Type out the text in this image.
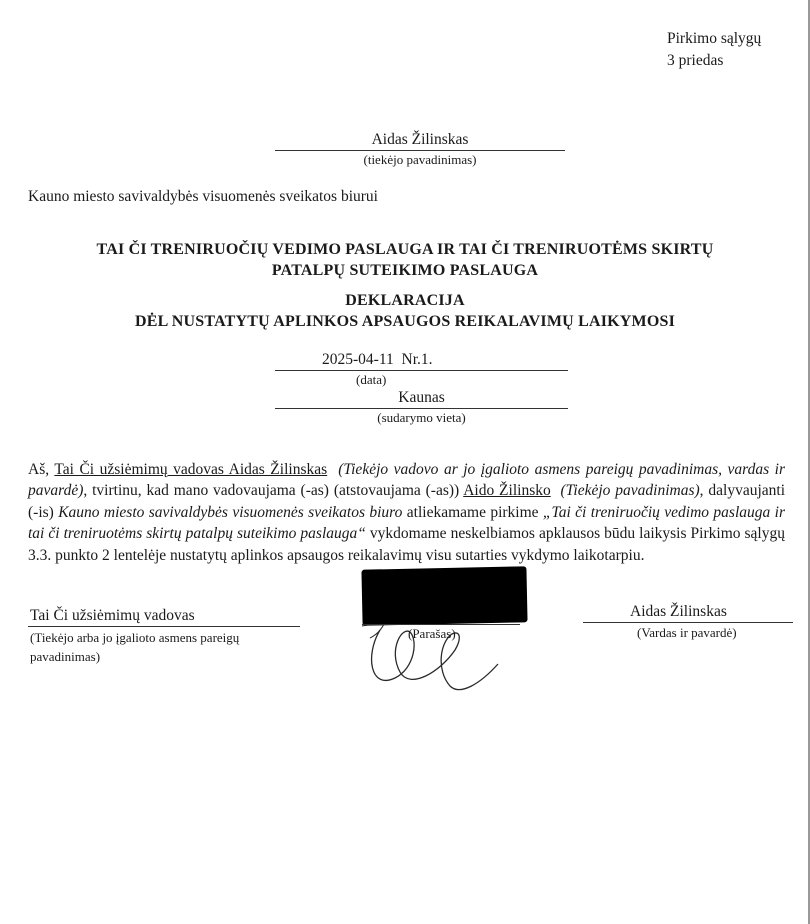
Pirkimo sąlygų
3 priedas
Aidas Žilinskas
(tiekėjo pavadinimas)
Kauno miesto savivaldybės visuomenės sveikatos biurui
TAI ČI TRENIRUOČIŲ VEDIMO PASLAUGA IR TAI ČI TRENIRUOTĖMS SKIRTŲ
PATALPŲ SUTEIKIMO PASLAUGA
DEKLARACIJA
DĖL NUSTATYTŲ APLINKOS APSAUGOS REIKALAVIMŲ LAIKYMOSI
2025-04-11  Nr.1.
(data)
Kaunas
(sudarymo vieta)
Aš, Tai Či užsiėmimų vadovas Aidas Žilinskas  (Tiekėjo vadovo ar jo įgalioto asmens pareigų pavadinimas, vardas ir pavardė), tvirtinu, kad mano vadovaujama (-as) (atstovaujama (-as)) Aido Žilinsko  (Tiekėjo pavadinimas), dalyvaujanti (-is) Kauno miesto savivaldybės visuomenės sveikatos biuro atliekamame pirkime „Tai či treniruočių vedimo paslauga ir tai či treniruotėms skirtų patalpų suteikimo paslauga“ vykdomame neskelbiamos apklausos būdu laikysis Pirkimo sąlygų 3.3. punkto 2 lentelėje nustatytų aplinkos apsaugos reikalavimų visu sutarties vykdymo laikotarpiu.
Tai Či užsiėmimų vadovas
(Tiekėjo arba jo įgalioto asmens pareigų
pavadinimas)
(Parašas)
Aidas Žilinskas
(Vardas ir pavardė)
